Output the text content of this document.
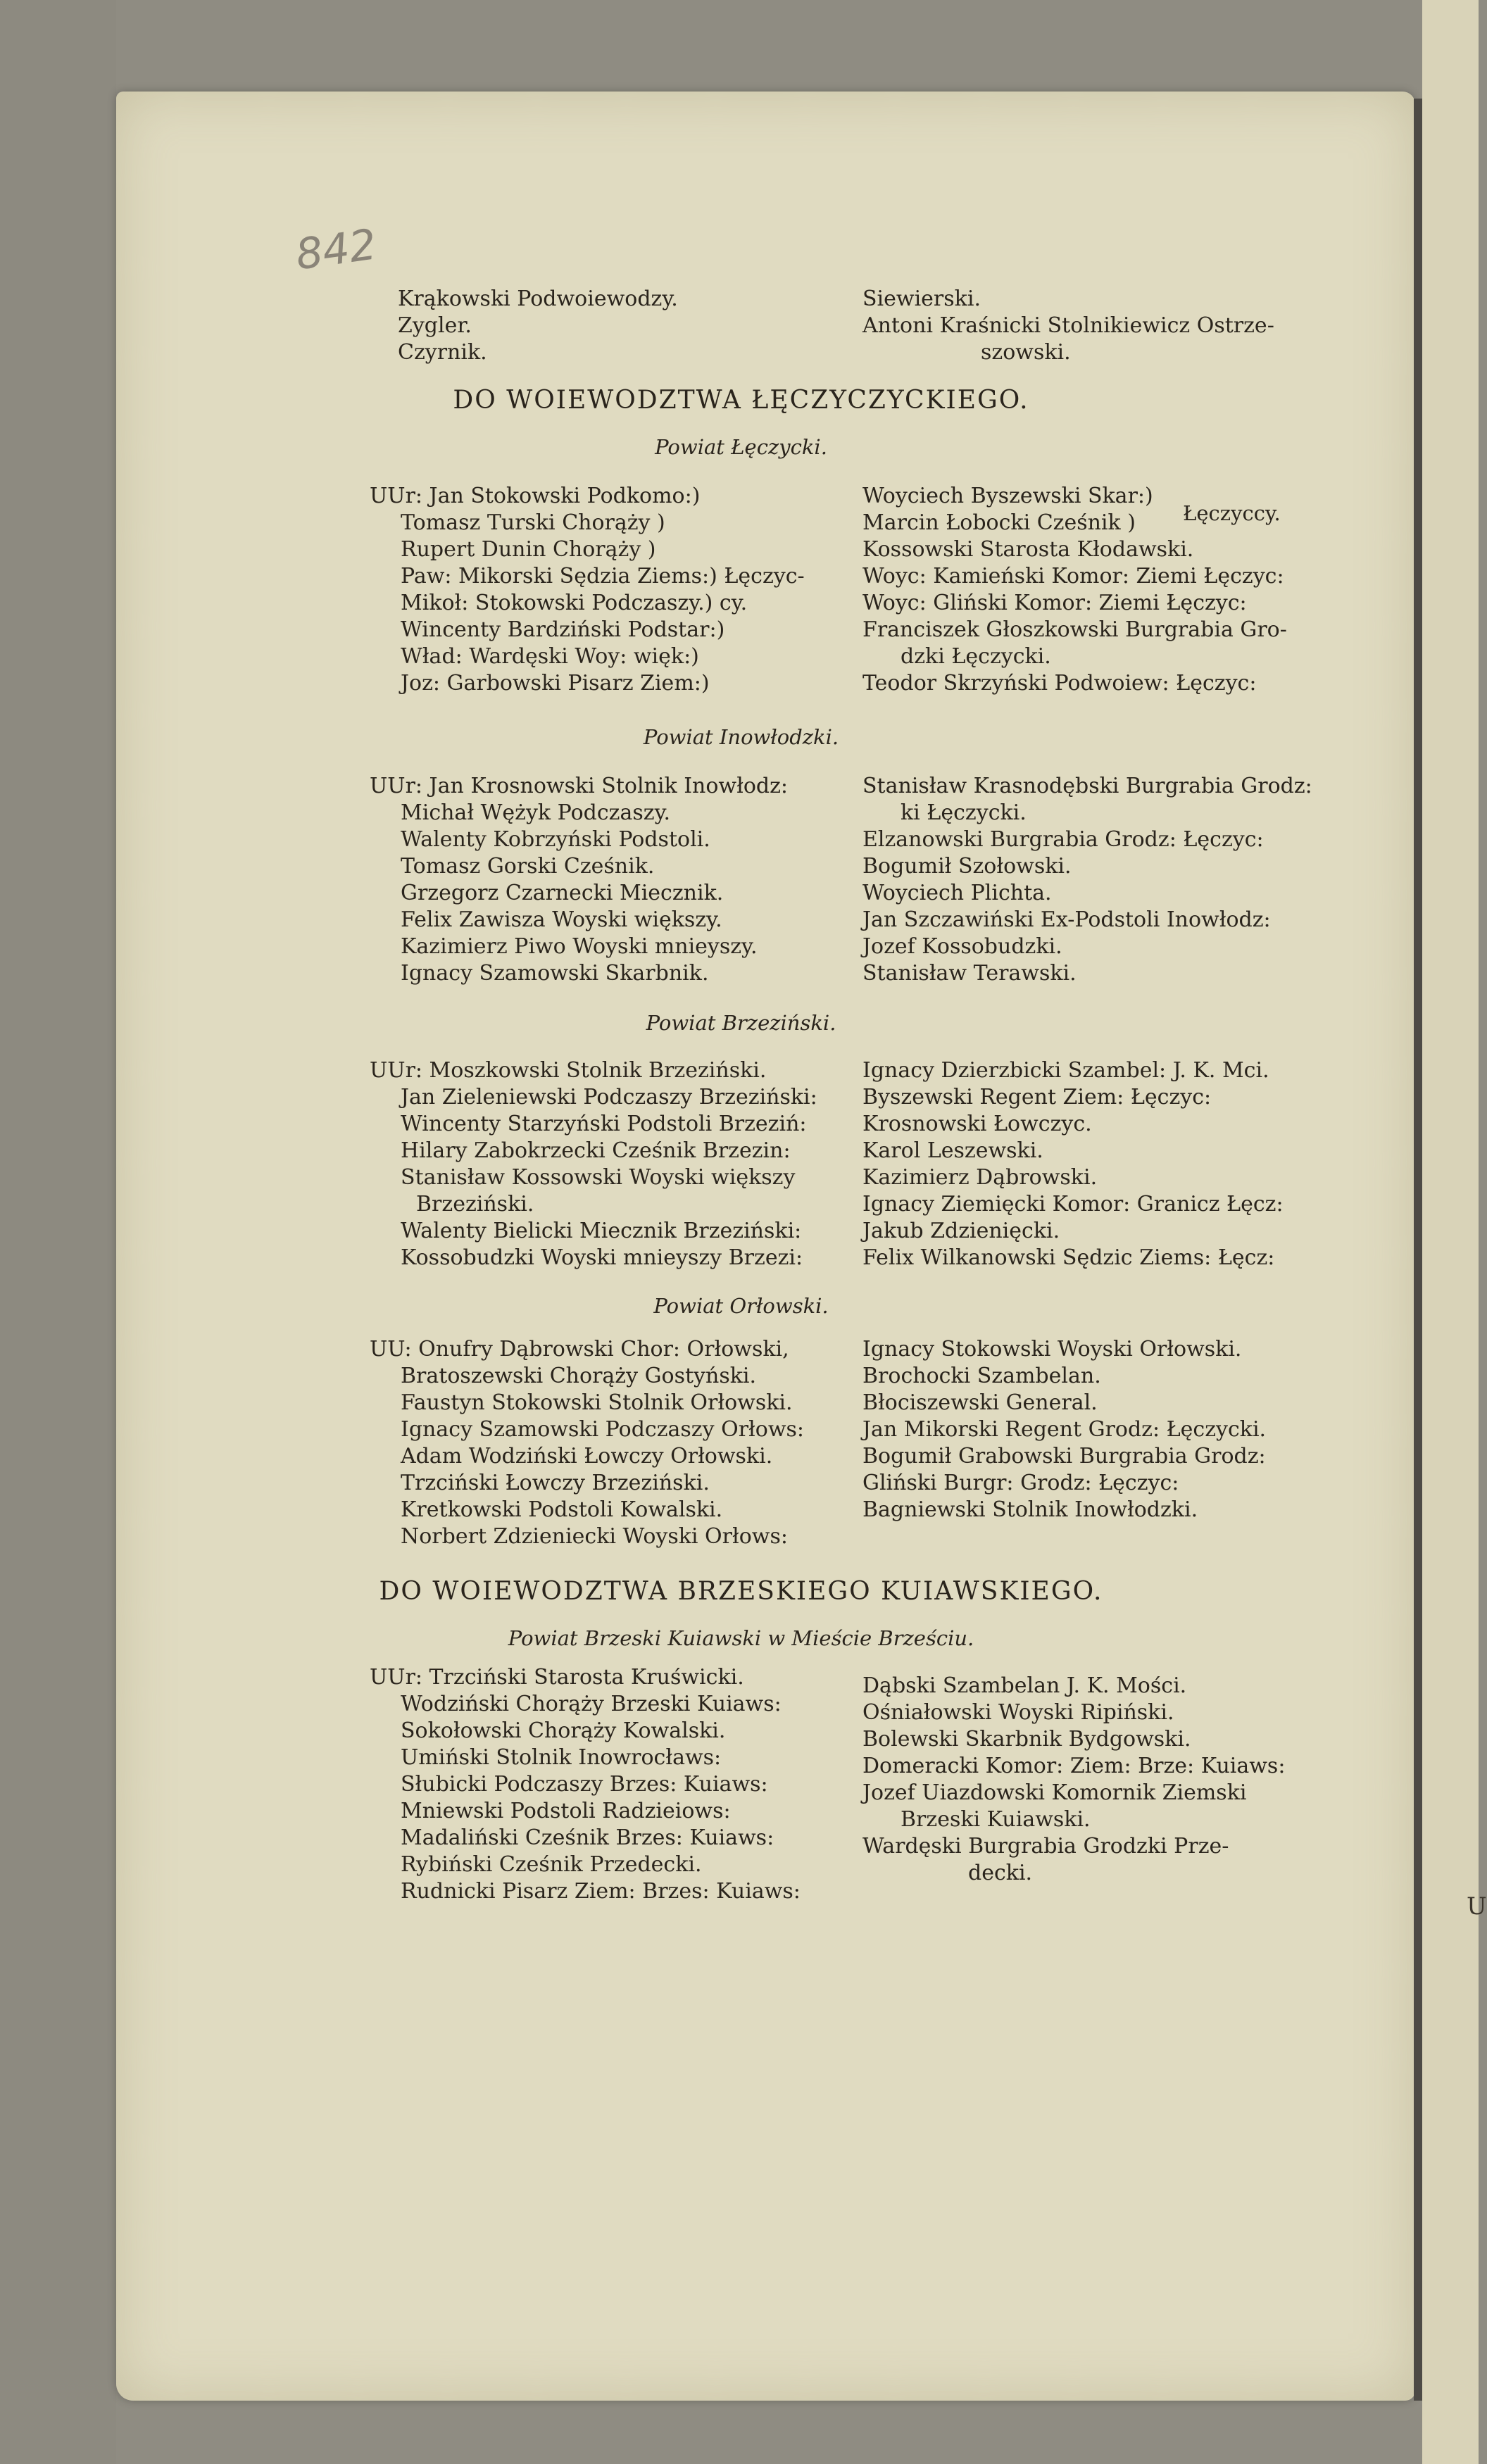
U
842
Krąkowski Podwoiewodzy.
Zygler.
Czyrnik.
Siewierski.
Antoni Kraśnicki Stolnikiewicz Ostrze-
szowski.
DO WOIEWODZTWA ŁĘCZYCZYCKIEGO.
Powiat Łęczycki.
UUr: Jan Stokowski Podkomo:)
Tomasz Turski Chorąży )
Rupert Dunin Chorąży )
Paw: Mikorski Sędzia Ziems:) Łęczyc-
Mikoł: Stokowski Podczaszy.) cy.
Wincenty Bardziński Podstar:)
Wład: Wardęski Woy: więk:)
Joz: Garbowski Pisarz Ziem:)
Woyciech Byszewski Skar:)
Marcin Łobocki Cześnik )
Kossowski Starosta Kłodawski.
Woyc: Kamieński Komor: Ziemi Łęczyc:
Woyc: Gliński Komor: Ziemi Łęczyc:
Franciszek Głoszkowski Burgrabia Gro-
dzki Łęczycki.
Teodor Skrzyński Podwoiew: Łęczyc:
Łęczyccy.
Powiat Inowłodzki.
UUr: Jan Krosnowski Stolnik Inowłodz:
Michał Wężyk Podczaszy.
Walenty Kobrzyński Podstoli.
Tomasz Gorski Cześnik.
Grzegorz Czarnecki Miecznik.
Felix Zawisza Woyski większy.
Kazimierz Piwo Woyski mnieyszy.
Ignacy Szamowski Skarbnik.
Stanisław Krasnodębski Burgrabia Grodz:
ki Łęczycki.
Elzanowski Burgrabia Grodz: Łęczyc:
Bogumił Szołowski.
Woyciech Plichta.
Jan Szczawiński Ex-Podstoli Inowłodz:
Jozef Kossobudzki.
Stanisław Terawski.
Powiat Brzeziński.
UUr: Moszkowski Stolnik Brzeziński.
Jan Zieleniewski Podczaszy Brzeziński:
Wincenty Starzyński Podstoli Brzeziń:
Hilary Zabokrzecki Cześnik Brzezin:
Stanisław Kossowski Woyski większy
Brzeziński.
Walenty Bielicki Miecznik Brzeziński:
Kossobudzki Woyski mnieyszy Brzezi:
Ignacy Dzierzbicki Szambel: J. K. Mci.
Byszewski Regent Ziem: Łęczyc:
Krosnowski Łowczyc.
Karol Leszewski.
Kazimierz Dąbrowski.
Ignacy Ziemięcki Komor: Granicz Łęcz:
Jakub Zdzienięcki.
Felix Wilkanowski Sędzic Ziems: Łęcz:
Powiat Orłowski.
UU: Onufry Dąbrowski Chor: Orłowski,
Bratoszewski Chorąży Gostyński.
Faustyn Stokowski Stolnik Orłowski.
Ignacy Szamowski Podczaszy Orłows:
Adam Wodziński Łowczy Orłowski.
Trzciński Łowczy Brzeziński.
Kretkowski Podstoli Kowalski.
Norbert Zdzieniecki Woyski Orłows:
Ignacy Stokowski Woyski Orłowski.
Brochocki Szambelan.
Błociszewski General.
Jan Mikorski Regent Grodz: Łęczycki.
Bogumił Grabowski Burgrabia Grodz:
Gliński Burgr: Grodz: Łęczyc:
Bagniewski Stolnik Inowłodzki.
DO WOIEWODZTWA BRZESKIEGO KUIAWSKIEGO.
Powiat Brzeski Kuiawski w Mieście Brześciu.
UUr: Trzciński Starosta Kruświcki.
Wodziński Chorąży Brzeski Kuiaws:
Sokołowski Chorąży Kowalski.
Umiński Stolnik Inowrocławs:
Słubicki Podczaszy Brzes: Kuiaws:
Mniewski Podstoli Radzieiows:
Madaliński Cześnik Brzes: Kuiaws:
Rybiński Cześnik Przedecki.
Rudnicki Pisarz Ziem: Brzes: Kuiaws:
Dąbski Szambelan J. K. Mości.
Ośniałowski Woyski Ripiński.
Bolewski Skarbnik Bydgowski.
Domeracki Komor: Ziem: Brze: Kuiaws:
Jozef Uiazdowski Komornik Ziemski
Brzeski Kuiawski.
Wardęski Burgrabia Grodzki Prze-
decki.
